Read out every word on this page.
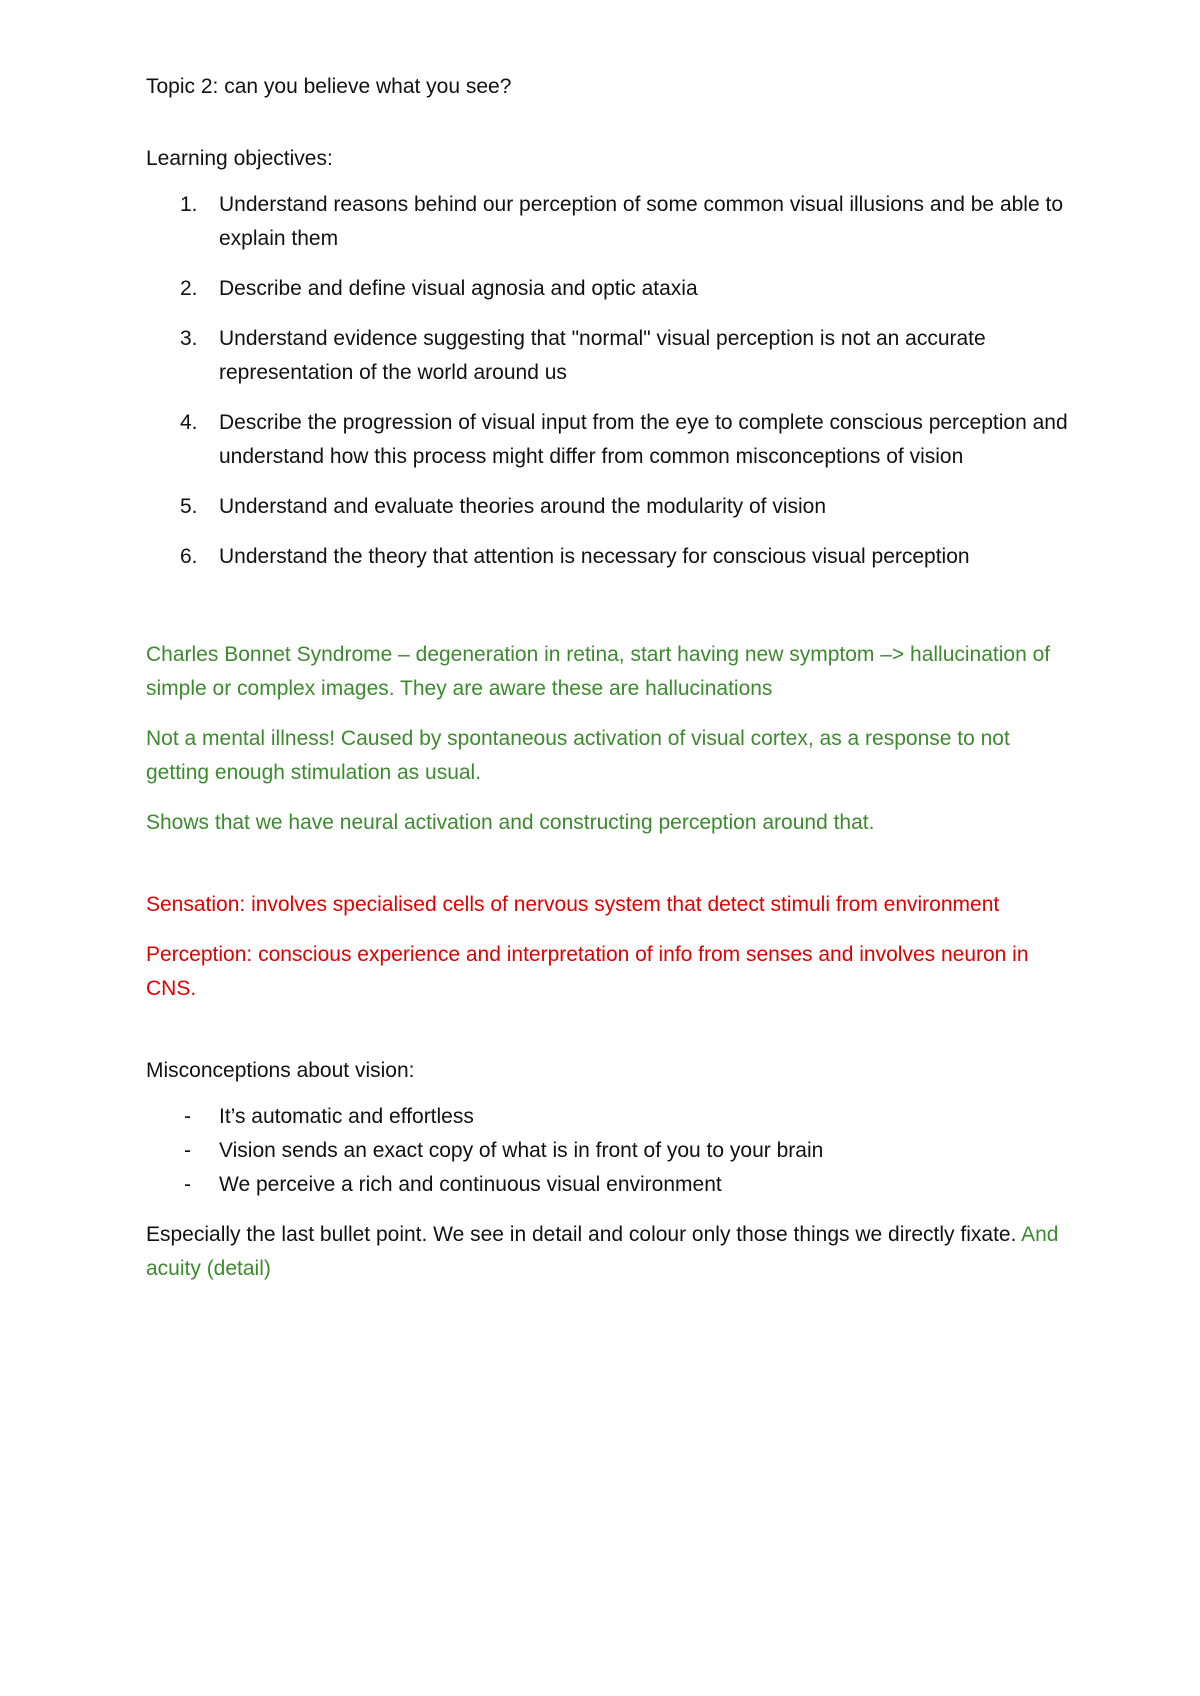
Topic 2: can you believe what you see?

Learning objectives:

1.	Understand reasons behind our perception of some common visual illusions and be able to explain them
2.	Describe and define visual agnosia and optic ataxia
3.	Understand evidence suggesting that "normal" visual perception is not an accurate representation of the world around us
4.	Describe the progression of visual input from the eye to complete conscious perception and understand how this process might differ from common misconceptions of vision
5.	Understand and evaluate theories around the modularity of vision
6.	Understand the theory that attention is necessary for conscious visual perception

Charles Bonnet Syndrome – degeneration in retina, start having new symptom –> hallucination of simple or complex images. They are aware these are hallucinations

Not a mental illness! Caused by spontaneous activation of visual cortex, as a response to not getting enough stimulation as usual.

Shows that we have neural activation and constructing perception around that.

Sensation: involves specialised cells of nervous system that detect stimuli from environment

Perception: conscious experience and interpretation of info from senses and involves neuron in CNS.

Misconceptions about vision:

- It’s automatic and effortless
- Vision sends an exact copy of what is in front of you to your brain
- We perceive a rich and continuous visual environment

Especially the last bullet point. We see in detail and colour only those things we directly fixate. And acuity (detail)
